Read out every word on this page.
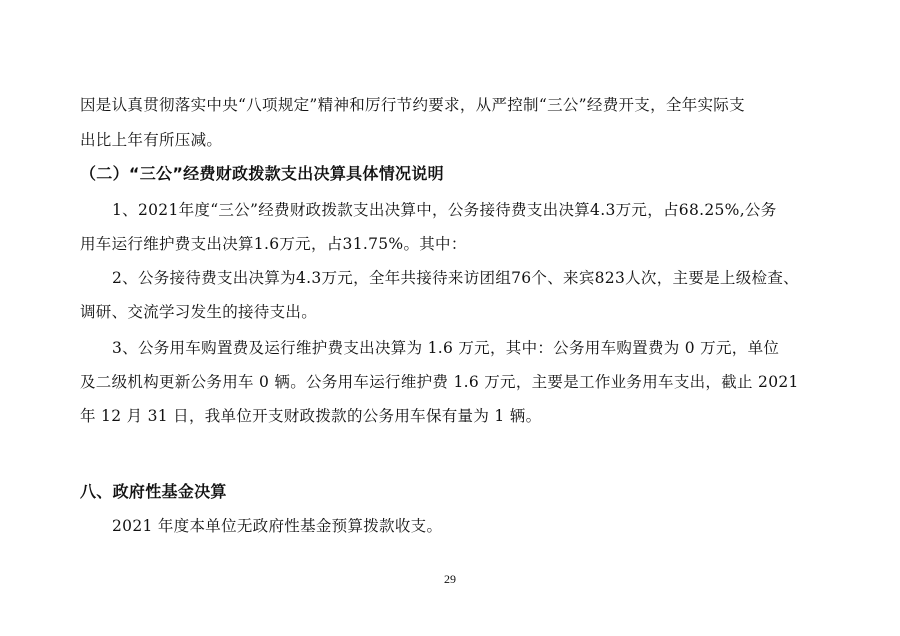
因是认真贯彻落实中央“八项规定”精神和厉行节约要求，从严控制“三公”经费开支，全年实际支
出比上年有所压减。
（二）“三公”经费财政拨款支出决算具体情况说明
1、2021年度“三公”经费财政拨款支出决算中，公务接待费支出决算4.3万元，占68.25%,公务
用车运行维护费支出决算1.6万元，占31.75%。其中：
2、公务接待费支出决算为4.3万元，全年共接待来访团组76个、来宾823人次，主要是上级检查、
调研、交流学习发生的接待支出。
3、公务用车购置费及运行维护费支出决算为 1.6 万元，其中：公务用车购置费为 0 万元，单位
及二级机构更新公务用车 0 辆。公务用车运行维护费 1.6 万元，主要是工作业务用车支出，截止 2021
年 12 月 31 日，我单位开支财政拨款的公务用车保有量为 1 辆。
八、政府性基金决算
2021 年度本单位无政府性基金预算拨款收支。
29
